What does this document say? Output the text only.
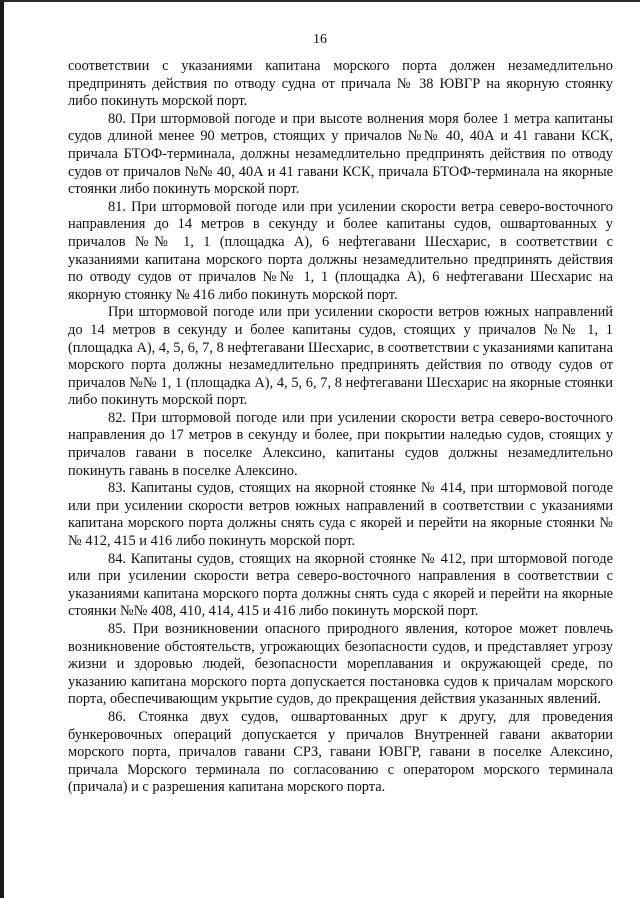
16

соответствии с указаниями капитана морского порта должен незамедлительно предпринять действия по отводу судна от причала № 38 ЮВГР на якорную стоянку либо покинуть морской порт.

80. При штормовой погоде и при высоте волнения моря более 1 метра капитаны судов длиной менее 90 метров, стоящих у причалов №№ 40, 40А и 41 гавани КСК, причала БТОФ-терминала, должны незамедлительно предпринять действия по отводу судов от причалов №№ 40, 40А и 41 гавани КСК, причала БТОФ-терминала на якорные стоянки либо покинуть морской порт.

81. При штормовой погоде или при усилении скорости ветра северо-восточного направления до 14 метров в секунду и более капитаны судов, ошвартованных у причалов №№ 1, 1 (площадка А), 6 нефтегавани Шесхарис, в соответствии с указаниями капитана морского порта должны незамедлительно предпринять действия по отводу судов от причалов №№ 1, 1 (площадка А), 6 нефтегавани Шесхарис на якорную стоянку № 416 либо покинуть морской порт.

При штормовой погоде или при усилении скорости ветров южных направлений до 14 метров в секунду и более капитаны судов, стоящих у причалов №№ 1, 1 (площадка А), 4, 5, 6, 7, 8 нефтегавани Шесхарис, в соответствии с указаниями капитана морского порта должны незамедлительно предпринять действия по отводу судов от причалов №№ 1, 1 (площадка А), 4, 5, 6, 7, 8 нефтегавани Шесхарис на якорные стоянки либо покинуть морской порт.

82. При штормовой погоде или при усилении скорости ветра северо-восточного направления до 17 метров в секунду и более, при покрытии наледью судов, стоящих у причалов гавани в поселке Алексино, капитаны судов должны незамедлительно покинуть гавань в поселке Алексино.

83. Капитаны судов, стоящих на якорной стоянке № 414, при штормовой погоде или при усилении скорости ветров южных направлений в соответствии с указаниями капитана морского порта должны снять суда с якорей и перейти на якорные стоянки №№ 412, 415 и 416 либо покинуть морской порт.

84. Капитаны судов, стоящих на якорной стоянке № 412, при штормовой погоде или при усилении скорости ветра северо-восточного направления в соответствии с указаниями капитана морского порта должны снять суда с якорей и перейти на якорные стоянки №№ 408, 410, 414, 415 и 416 либо покинуть морской порт.

85. При возникновении опасного природного явления, которое может повлечь возникновение обстоятельств, угрожающих безопасности судов, и представляет угрозу жизни и здоровью людей, безопасности мореплавания и окружающей среде, по указанию капитана морского порта допускается постановка судов к причалам морского порта, обеспечивающим укрытие судов, до прекращения действия указанных явлений.

86. Стоянка двух судов, ошвартованных друг к другу, для проведения бункеровочных операций допускается у причалов Внутренней гавани акватории морского порта, причалов гавани СРЗ, гавани ЮВГР, гавани в поселке Алексино, причала Морского терминала по согласованию с оператором морского терминала (причала) и с разрешения капитана морского порта.
